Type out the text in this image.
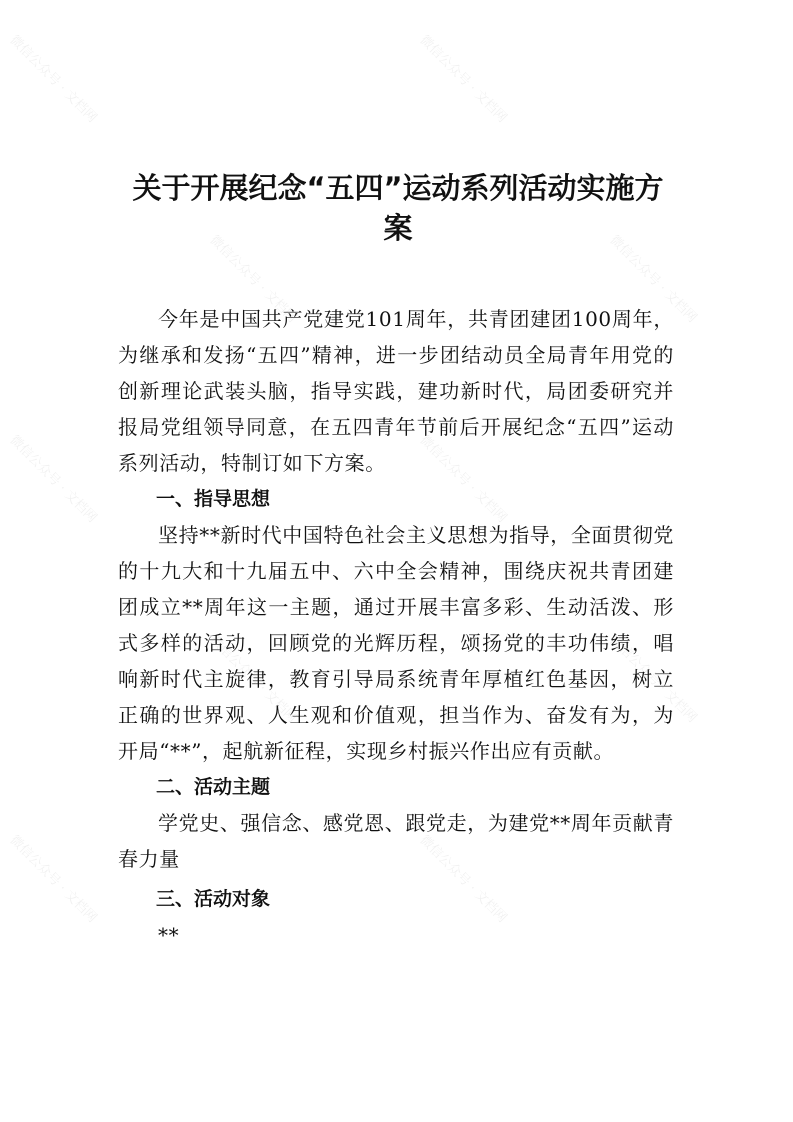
微信公众号 · 文档网	微信公众号 · 文档网
微信公众号 · 文档网	微信公众号 · 文档网
微信公众号 · 文档网	微信公众号 · 文档网
微信公众号 · 文档网	微信公众号 · 文档网
微信公众号 · 文档网	微信公众号 · 文档网
关于开展纪念“五四”运动系列活动实施方案

今年是中国共产党建党101周年，共青团建团100周年，为继承和发扬“五四”精神，进一步团结动员全局青年用党的创新理论武装头脑，指导实践，建功新时代，局团委研究并报局党组领导同意，在五四青年节前后开展纪念“五四”运动系列活动，特制订如下方案。

一、指导思想

坚持**新时代中国特色社会主义思想为指导，全面贯彻党的十九大和十九届五中、六中全会精神，围绕庆祝共青团建团成立**周年这一主题，通过开展丰富多彩、生动活泼、形式多样的活动，回顾党的光辉历程，颂扬党的丰功伟绩，唱响新时代主旋律，教育引导局系统青年厚植红色基因，树立正确的世界观、人生观和价值观，担当作为、奋发有为，为开局“**”，起航新征程，实现乡村振兴作出应有贡献。

二、活动主题

学党史、强信念、感党恩、跟党走，为建党**周年贡献青春力量

三、活动对象

**
